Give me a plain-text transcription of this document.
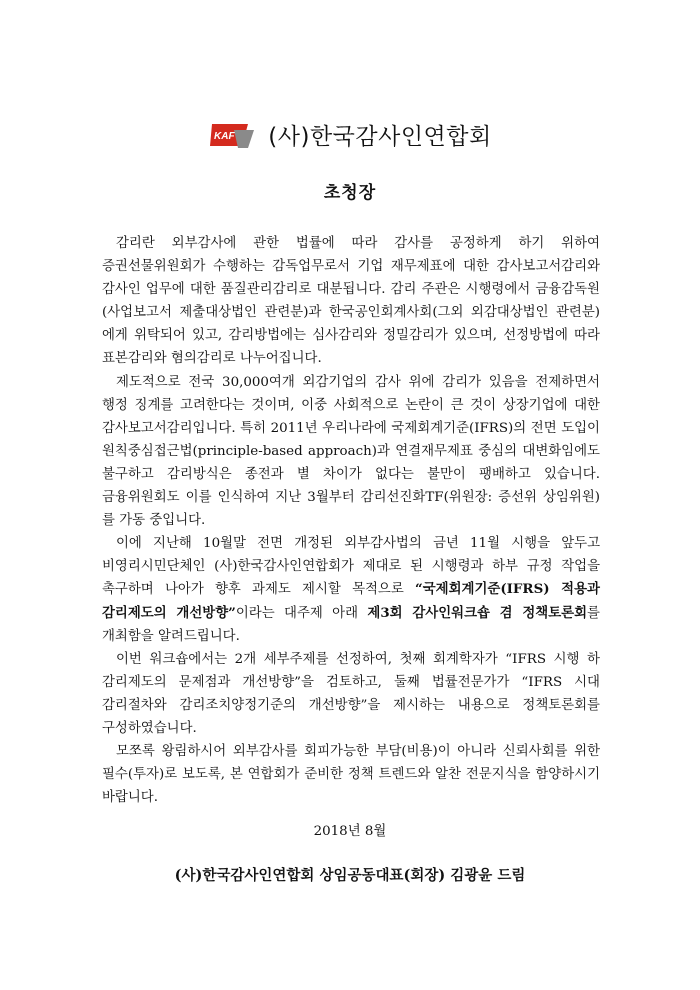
KAF (사)한국감사인연합회
초청장

감리란 외부감사에 관한 법률에 따라 감사를 공정하게 하기 위하여 증권선물위원회가 수행하는 감독업무로서 기업 재무제표에 대한 감사보고서감리와 감사인 업무에 대한 품질관리감리로 대분됩니다. 감리 주관은 시행령에서 금융감독원(사업보고서 제출대상법인 관련분)과 한국공인회계사회(그외 외감대상법인 관련분)에게 위탁되어 있고, 감리방법에는 심사감리와 정밀감리가 있으며, 선정방법에 따라 표본감리와 혐의감리로 나누어집니다.

제도적으로 전국 30,000여개 외감기업의 감사 위에 감리가 있음을 전제하면서 행정 징계를 고려한다는 것이며, 이중 사회적으로 논란이 큰 것이 상장기업에 대한 감사보고서감리입니다. 특히 2011년 우리나라에 국제회계기준(IFRS)의 전면 도입이 원칙중심접근법(principle-based approach)과 연결재무제표 중심의 대변화임에도 불구하고 감리방식은 종전과 별 차이가 없다는 불만이 팽배하고 있습니다. 금융위원회도 이를 인식하여 지난 3월부터 감리선진화TF(위원장: 증선위 상임위원)를 가동 중입니다.

이에 지난해 10월말 전면 개정된 외부감사법의 금년 11월 시행을 앞두고 비영리시민단체인 (사)한국감사인연합회가 제대로 된 시행령과 하부 규정 작업을 촉구하며 나아가 향후 과제도 제시할 목적으로 “국제회계기준(IFRS) 적용과 감리제도의 개선방향”이라는 대주제 아래 제3회 감사인워크숍 겸 정책토론회를 개최함을 알려드립니다.

이번 워크숍에서는 2개 세부주제를 선정하여, 첫째 회계학자가 “IFRS 시행 하 감리제도의 문제점과 개선방향”을 검토하고, 둘째 법률전문가가 “IFRS 시대 감리절차와 감리조치양정기준의 개선방향”을 제시하는 내용으로 정책토론회를 구성하였습니다.

모쪼록 왕림하시어 외부감사를 회피가능한 부담(비용)이 아니라 신뢰사회를 위한 필수(투자)로 보도록, 본 연합회가 준비한 정책 트렌드와 알찬 전문지식을 함양하시기 바랍니다.

2018년 8월
(사)한국감사인연합회 상임공동대표(회장) 김광윤 드림
